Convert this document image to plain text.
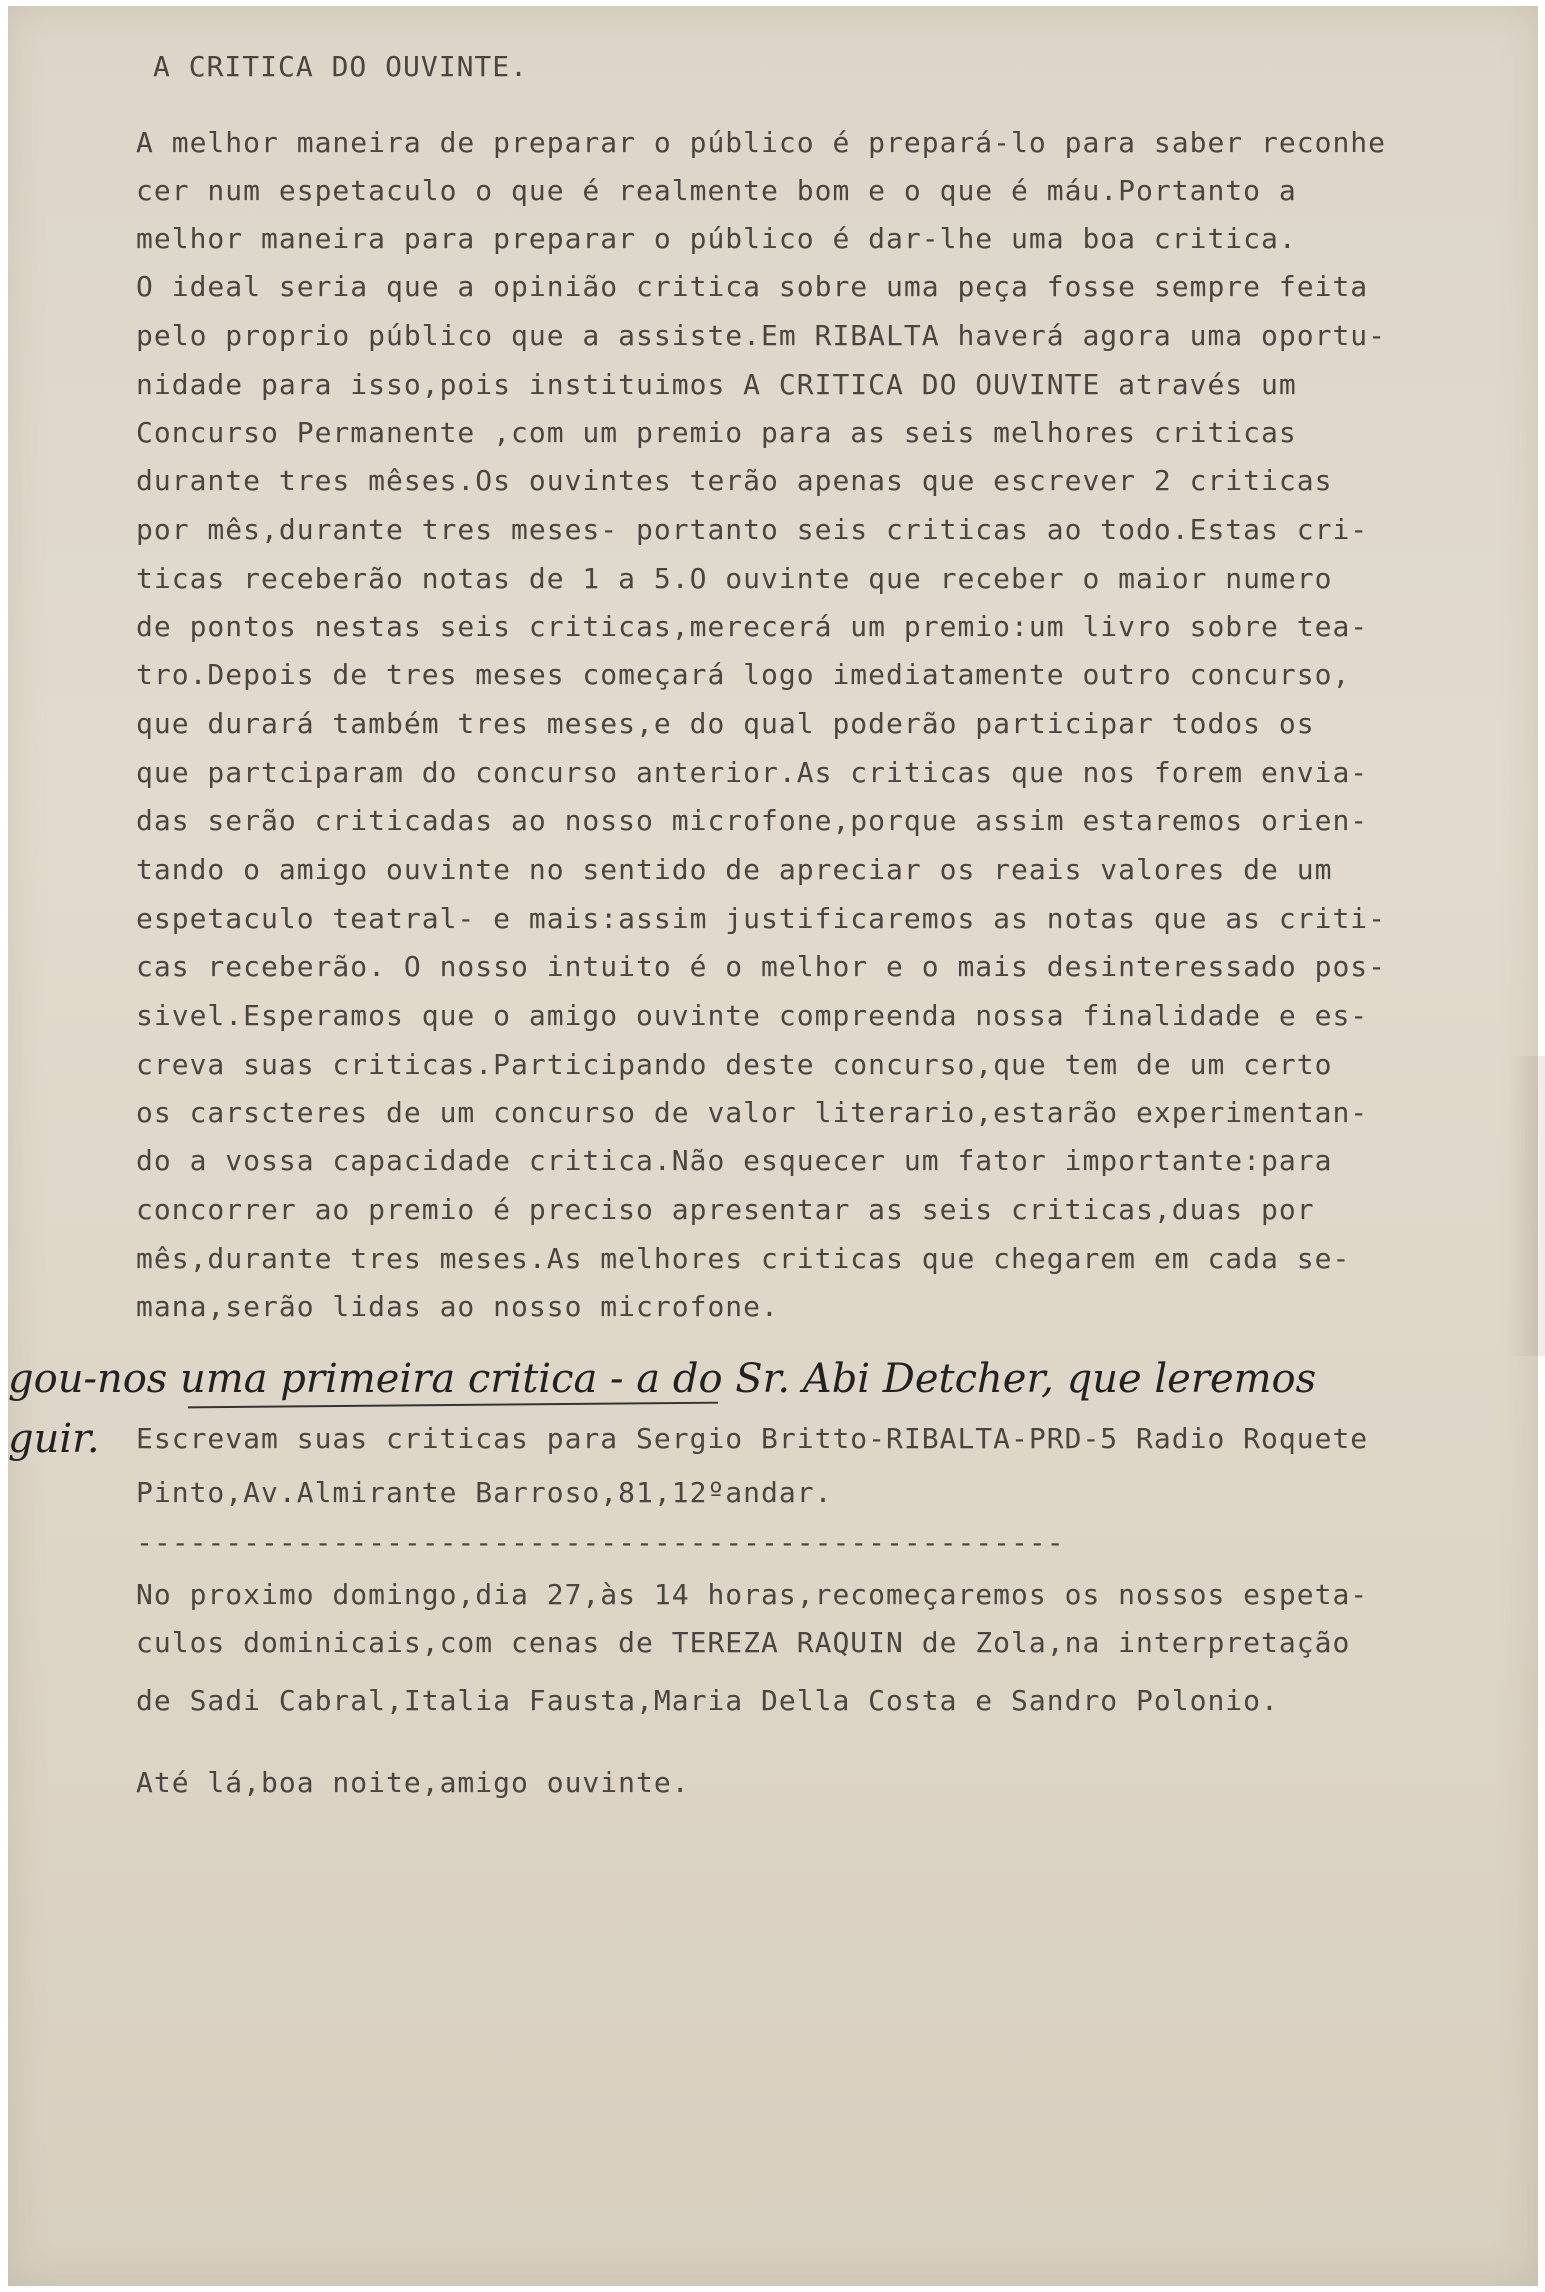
A CRITICA DO OUVINTE.

A melhor maneira de preparar o público é prepará-lo para saber reconhe

cer num espetaculo o que é realmente bom e o que é máu.Portanto a

melhor maneira para preparar o público é dar-lhe uma boa critica.

O ideal seria que a opinião critica sobre uma peça fosse sempre feita

pelo proprio público que a assiste.Em RIBALTA haverá agora uma oportu-

nidade para isso,pois instituimos A CRITICA DO OUVINTE através um

Concurso Permanente ,com um premio para as seis melhores criticas

durante tres mêses.Os ouvintes terão apenas que escrever 2 criticas

por mês,durante tres meses- portanto seis criticas ao todo.Estas cri-

ticas receberão notas de 1 a 5.O ouvinte que receber o maior numero

de pontos nestas seis criticas,merecerá um premio:um livro sobre tea-

tro.Depois de tres meses começará logo imediatamente outro concurso,

que durará também tres meses,e do qual poderão participar todos os

que partciparam do concurso anterior.As criticas que nos forem envia-

das serão criticadas ao nosso microfone,porque assim estaremos orien-

tando o amigo ouvinte no sentido de apreciar os reais valores de um

espetaculo teatral- e mais:assim justificaremos as notas que as criti-

cas receberão. O nosso intuito é o melhor e o mais desinteressado pos-

sivel.Esperamos que o amigo ouvinte compreenda nossa finalidade e es-

creva suas criticas.Participando deste concurso,que tem de um certo

os carscteres de um concurso de valor literario,estarão experimentan-

do a vossa capacidade critica.Não esquecer um fator importante:para

concorrer ao premio é preciso apresentar as seis criticas,duas por

mês,durante tres meses.As melhores criticas que chegarem em cada se-

mana,serão lidas ao nosso microfone.

Escrevam suas criticas para Sergio Britto-RIBALTA-PRD-5 Radio Roquete

Pinto,Av.Almirante Barroso,81,12ºandar.

----------------------------------------------------

No proximo domingo,dia 27,às 14 horas,recomeçaremos os nossos espeta-

culos dominicais,com cenas de TEREZA RAQUIN de Zola,na interpretação

de Sadi Cabral,Italia Fausta,Maria Della Costa e Sandro Polonio.

Até lá,boa noite,amigo ouvinte.

gou-nos uma primeira critica - a do Sr. Abi Detcher, que leremos
guir.
